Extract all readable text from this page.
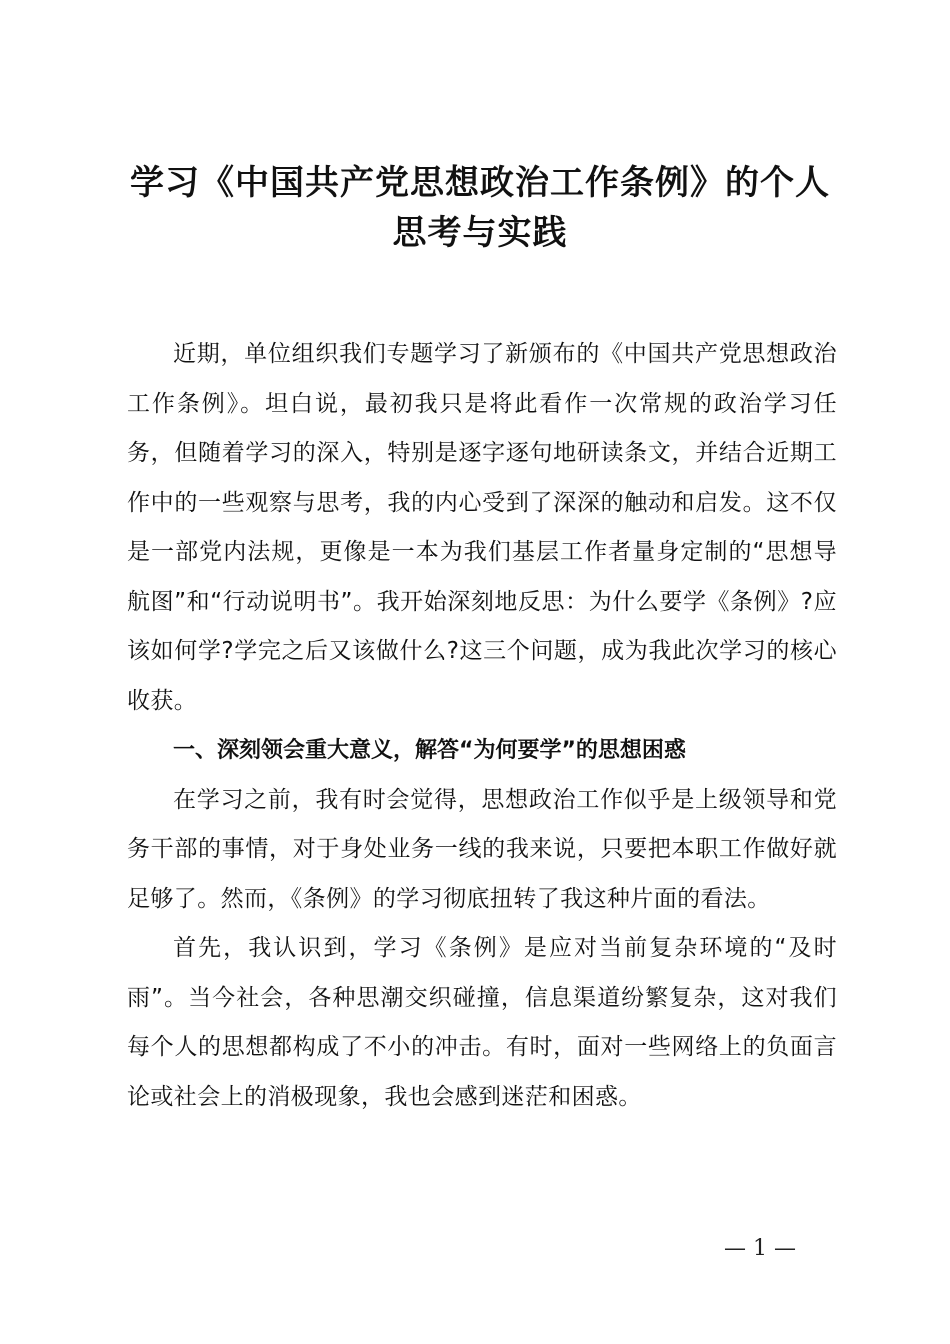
学习《中国共产党思想政治工作条例》的个人
思考与实践

近期，单位组织我们专题学习了新颁布的《中国共产党思想政治工作条例》。坦白说，最初我只是将此看作一次常规的政治学习任务，但随着学习的深入，特别是逐字逐句地研读条文，并结合近期工作中的一些观察与思考，我的内心受到了深深的触动和启发。这不仅是一部党内法规，更像是一本为我们基层工作者量身定制的“思想导航图”和“行动说明书”。我开始深刻地反思：为什么要学《条例》?应该如何学?学完之后又该做什么?这三个问题，成为我此次学习的核心收获。

一、深刻领会重大意义，解答“为何要学”的思想困惑

在学习之前，我有时会觉得，思想政治工作似乎是上级领导和党务干部的事情，对于身处业务一线的我来说，只要把本职工作做好就足够了。然而，《条例》的学习彻底扭转了我这种片面的看法。

首先，我认识到，学习《条例》是应对当前复杂环境的“及时雨”。当今社会，各种思潮交织碰撞，信息渠道纷繁复杂，这对我们每个人的思想都构成了不小的冲击。有时，面对一些网络上的负面言论或社会上的消极现象，我也会感到迷茫和困惑。

— 1 —
